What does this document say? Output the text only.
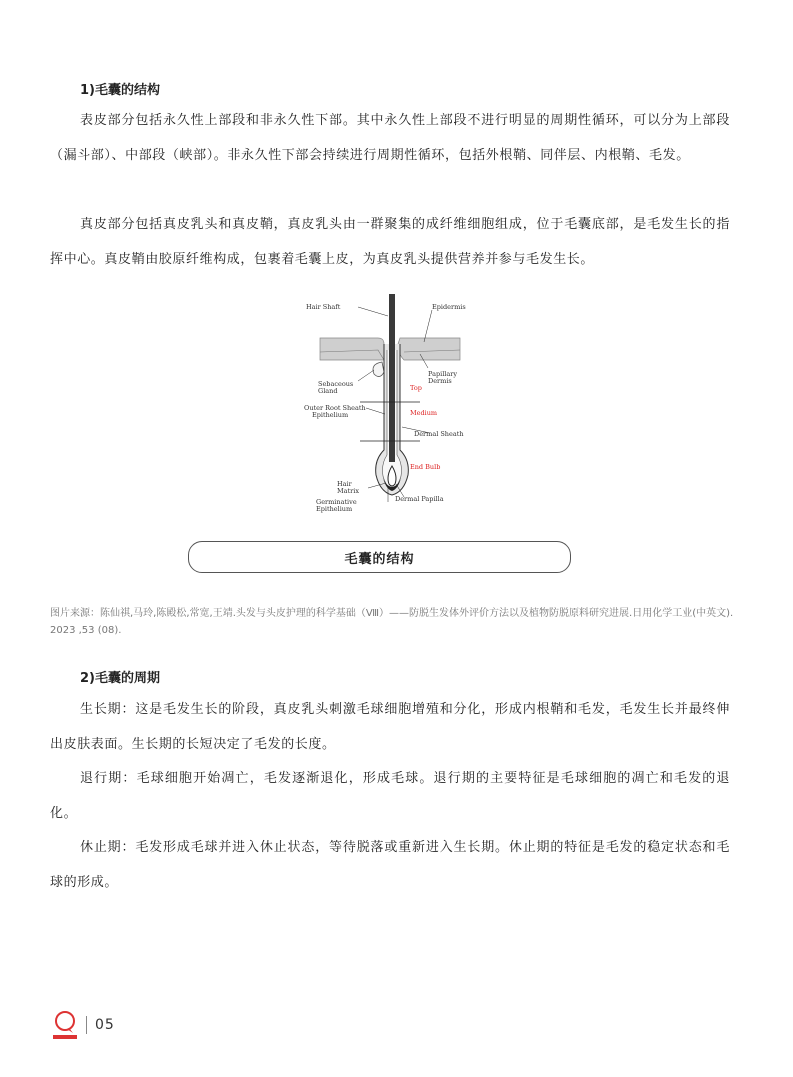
1)毛囊的结构

表皮部分包括永久性上部段和非永久性下部。其中永久性上部段不进行明显的周期性循环，可以分为上部段（漏斗部）、中部段（峡部）。非永久性下部会持续进行周期性循环，包括外根鞘、同伴层、内根鞘、毛发。

真皮部分包括真皮乳头和真皮鞘，真皮乳头由一群聚集的成纤维细胞组成，位于毛囊底部，是毛发生长的指挥中心。真皮鞘由胶原纤维构成，包裹着毛囊上皮，为真皮乳头提供营养并参与毛发生长。

Hair Shaft	Epidermis
Papillary
Dermis
Sebaceous
Gland	Top
Outer Root Sheath
Epithelium	Medium
Dermal Sheath
End Bulb
Hair
Matrix
Germinative
Epithelium
Dermal Papilla
毛囊的结构

图片来源：陈仙祺,马玲,陈殿松,常宽,王靖.头发与头皮护理的科学基础（Ⅷ）——防脱生发体外评价方法以及植物防脱原料研究进展.日用化学工业(中英文). 2023 ,53 (08).

2)毛囊的周期

生长期：这是毛发生长的阶段，真皮乳头刺激毛球细胞增殖和分化，形成内根鞘和毛发，毛发生长并最终伸出皮肤表面。生长期的长短决定了毛发的长度。

退行期：毛球细胞开始凋亡，毛发逐渐退化，形成毛球。退行期的主要特征是毛球细胞的凋亡和毛发的退化。

休止期：毛发形成毛球并进入休止状态，等待脱落或重新进入生长期。休止期的特征是毛发的稳定状态和毛球的形成。

05
